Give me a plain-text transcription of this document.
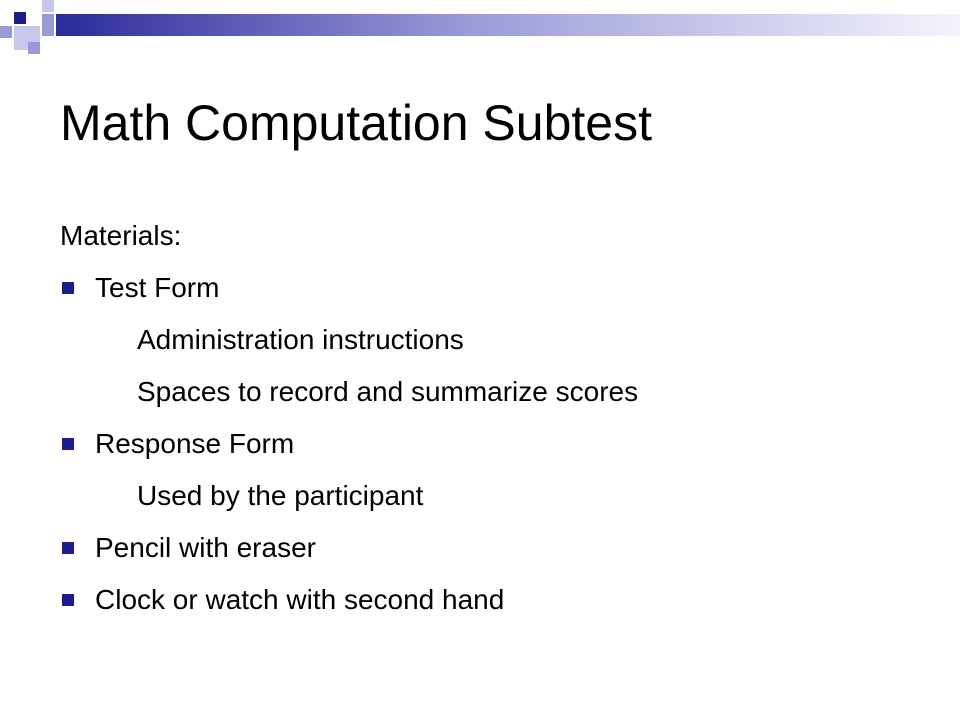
Math Computation Subtest
Materials:
Test Form
Administration instructions
Spaces to record and summarize scores
Response Form
Used by the participant
Pencil with eraser
Clock or watch with second hand
